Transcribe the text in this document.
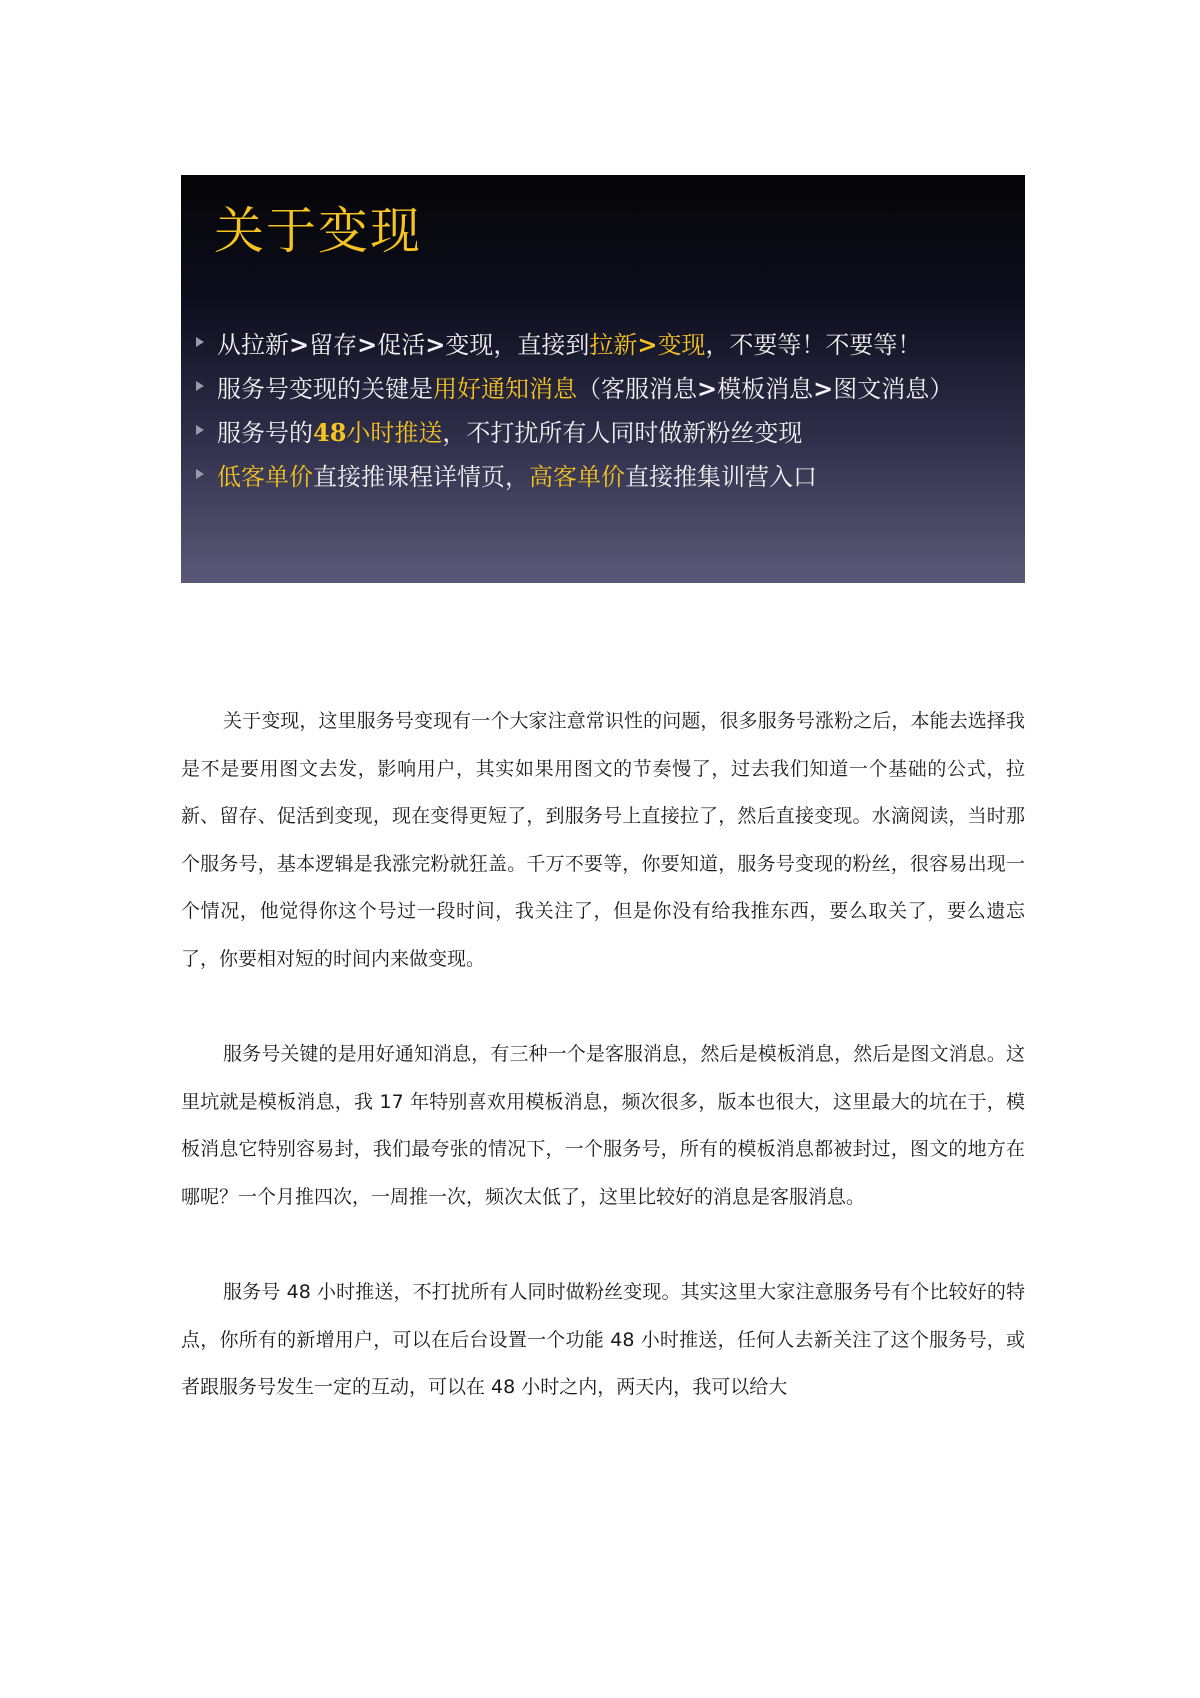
关于变现
从拉新>留存>促活>变现，直接到拉新>变现，不要等！不要等！
服务号变现的关键是用好通知消息（客服消息>模板消息>图文消息）
服务号的48小时推送，不打扰所有人同时做新粉丝变现
低客单价直接推课程详情页，高客单价直接推集训营入口

关于变现，这里服务号变现有一个大家注意常识性的问题，很多服务号涨粉之后，本能去选择我是不是要用图文去发，影响用户，其实如果用图文的节奏慢了，过去我们知道一个基础的公式，拉新、留存、促活到变现，现在变得更短了，到服务号上直接拉了，然后直接变现。水滴阅读，当时那个服务号，基本逻辑是我涨完粉就狂盖。千万不要等，你要知道，服务号变现的粉丝，很容易出现一个情况，他觉得你这个号过一段时间，我关注了，但是你没有给我推东西，要么取关了，要么遗忘了，你要相对短的时间内来做变现。

服务号关键的是用好通知消息，有三种一个是客服消息，然后是模板消息，然后是图文消息。这里坑就是模板消息，我 17 年特别喜欢用模板消息，频次很多，版本也很大，这里最大的坑在于，模板消息它特别容易封，我们最夸张的情况下，一个服务号，所有的模板消息都被封过，图文的地方在哪呢？一个月推四次，一周推一次，频次太低了，这里比较好的消息是客服消息。

服务号 48 小时推送，不打扰所有人同时做粉丝变现。其实这里大家注意服务号有个比较好的特点，你所有的新增用户，可以在后台设置一个功能 48 小时推送，任何人去新关注了这个服务号，或者跟服务号发生一定的互动，可以在 48 小时之内，两天内，我可以给大
